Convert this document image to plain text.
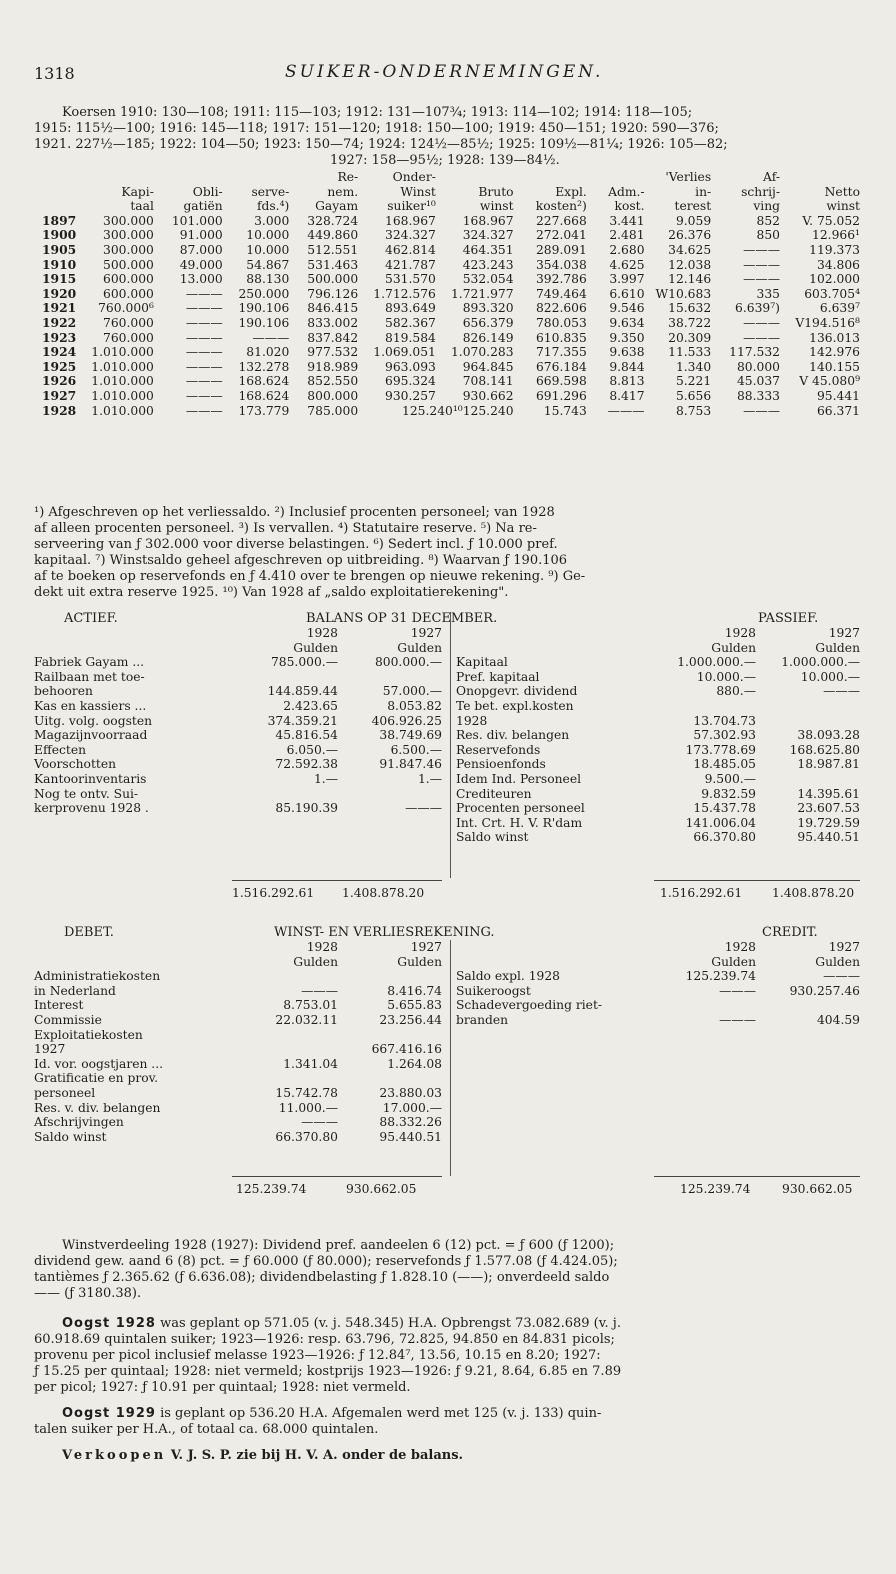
1318	SUIKER-ONDERNEMINGEN.
Koersen 1910: 130—108; 1911: 115—103; 1912: 131—107¾; 1913: 114—102; 1914: 118—105;
1915: 115½—100; 1916: 145—118; 1917: 151—120; 1918: 150—100; 1919: 450—151; 1920: 590—376;
1921. 227½—185; 1922: 104—50; 1923: 150—74; 1924: 124½—85½; 1925: 109½—81¼; 1926: 105—82;
1927: 158—95½; 1928: 139—84½.
				Re-	Onder-				'Verlies	Af-	
	Kapi-	Obli-	serve-	nem.	Winst	Bruto	Expl.	Adm.-	in-	schrij-	Netto
	taal	gatiën	fds.⁴)	Gayam	suiker¹⁰	winst	kosten²)	kost.	terest	ving	winst
1897	300.000	101.000	3.000	328.724	168.967	168.967	227.668	3.441	9.059	852	V. 75.052
1900	300.000	91.000	10.000	449.860	324.327	324.327	272.041	2.481	26.376	850	12.966¹
1905	300.000	87.000	10.000	512.551	462.814	464.351	289.091	2.680	34.625	———	119.373
1910	500.000	49.000	54.867	531.463	421.787	423.243	354.038	4.625	12.038	———	34.806
1915	600.000	13.000	88.130	500.000	531.570	532.054	392.786	3.997	12.146	———	102.000
1920	600.000	———	250.000	796.126	1.712.576	1.721.977	749.464	6.610	W10.683	335	603.705⁴
1921	760.000⁶	———	190.106	846.415	893.649	893.320	822.606	9.546	15.632	6.639⁷)	6.639⁷
1922	760.000	———	190.106	833.002	582.367	656.379	780.053	9.634	38.722	———	V194.516⁸
1923	760.000	———	———	837.842	819.584	826.149	610.835	9.350	20.309	———	136.013
1924	1.010.000	———	81.020	977.532	1.069.051	1.070.283	717.355	9.638	11.533	117.532	142.976
1925	1.010.000	———	132.278	918.989	963.093	964.845	676.184	9.844	1.340	80.000	140.155
1926	1.010.000	———	168.624	852.550	695.324	708.141	669.598	8.813	5.221	45.037	V 45.080⁹
1927	1.010.000	———	168.624	800.000	930.257	930.662	691.296	8.417	5.656	88.333	95.441
1928	1.010.000	———	173.779	785.000	125.240¹⁰125.240		15.743	———	8.753	———	66.371
¹) Afgeschreven op het verliessaldo. ²) Inclusief procenten personeel; van 1928
af alleen procenten personeel. ³) Is vervallen. ⁴) Statutaire reserve. ⁵) Na re-
serveering van ƒ 302.000 voor diverse belastingen. ⁶) Sedert incl. ƒ 10.000 pref.
kapitaal. ⁷) Winstsaldo geheel afgeschreven op uitbreiding. ⁸) Waarvan ƒ 190.106
af te boeken op reservefonds en ƒ 4.410 over te brengen op nieuwe rekening. ⁹) Ge-
dekt uit extra reserve 1925. ¹⁰) Van 1928 af „saldo exploitatierekening".
ACTIEF.	BALANS OP 31 DECEMBER.	PASSIEF.
	1928	1927
	Gulden	Gulden
Fabriek Gayam ...	785.000.—	800.000.—
Railbaan met toe-		
behooren	144.859.44	57.000.—
Kas en kassiers ...	2.423.65	8.053.82
Uitg. volg. oogsten	374.359.21	406.926.25
Magazijnvoorraad	45.816.54	38.749.69
Effecten	6.050.—	6.500.—
Voorschotten	72.592.38	91.847.46
Kantoorinventaris	1.—	1.—
Nog te ontv. Sui-		
kerprovenu 1928 .	85.190.39	———
	1928	1927
	Gulden	Gulden
Kapitaal	1.000.000.—	1.000.000.—
Pref. kapitaal	10.000.—	10.000.—
Onopgevr. dividend	880.—	———
Te bet. expl.kosten		
1928	13.704.73	
Res. div. belangen	57.302.93	38.093.28
Reservefonds	173.778.69	168.625.80
Pensioenfonds	18.485.05	18.987.81
Idem Ind. Personeel	9.500.—	
Crediteuren	9.832.59	14.395.61
Procenten personeel	15.437.78	23.607.53
Int. Crt. H. V. R'dam	141.006.04	19.729.59
Saldo winst	66.370.80	95.440.51
1.516.292.61 1.408.878.20	1.516.292.61 1.408.878.20
DEBET.	WINST- EN VERLIESREKENING.	CREDIT.
	1928	1927
	Gulden	Gulden
Administratiekosten		
in Nederland	———	8.416.74
Interest	8.753.01	5.655.83
Commissie	22.032.11	23.256.44
Exploitatiekosten		
1927		667.416.16
Id. vor. oogstjaren ...	1.341.04	1.264.08
Gratificatie en prov.		
personeel	15.742.78	23.880.03
Res. v. div. belangen	11.000.—	17.000.—
Afschrijvingen	———	88.332.26
Saldo winst	66.370.80	95.440.51
	1928	1927
	Gulden	Gulden
Saldo expl. 1928	125.239.74	———
Suikeroogst	———	930.257.46
Schadevergoeding riet-		
branden	———	404.59
125.239.74	930.662.05	125.239.74	930.662.05
Winstverdeeling 1928 (1927): Dividend pref. aandeelen 6 (12) pct. = ƒ 600 (ƒ 1200);
dividend gew. aand 6 (8) pct. = ƒ 60.000 (ƒ 80.000); reservefonds ƒ 1.577.08 (ƒ 4.424.05);
tantièmes ƒ 2.365.62 (ƒ 6.636.08); dividendbelasting ƒ 1.828.10 (——); onverdeeld saldo
—— (ƒ 3180.38).
Oogst 1928 was geplant op 571.05 (v. j. 548.345) H.A. Opbrengst 73.082.689 (v. j.
60.918.69 quintalen suiker; 1923—1926: resp. 63.796, 72.825, 94.850 en 84.831 picols;
provenu per picol inclusief melasse 1923—1926: ƒ 12.84⁷, 13.56, 10.15 en 8.20; 1927:
ƒ 15.25 per quintaal; 1928: niet vermeld; kostprijs 1923—1926: ƒ 9.21, 8.64, 6.85 en 7.89
per picol; 1927: ƒ 10.91 per quintaal; 1928: niet vermeld.
Oogst 1929 is geplant op 536.20 H.A. Afgemalen werd met 125 (v. j. 133) quin-
talen suiker per H.A., of totaal ca. 68.000 quintalen.
Verkoopen V. J. S. P. zie bij H. V. A. onder de balans.
